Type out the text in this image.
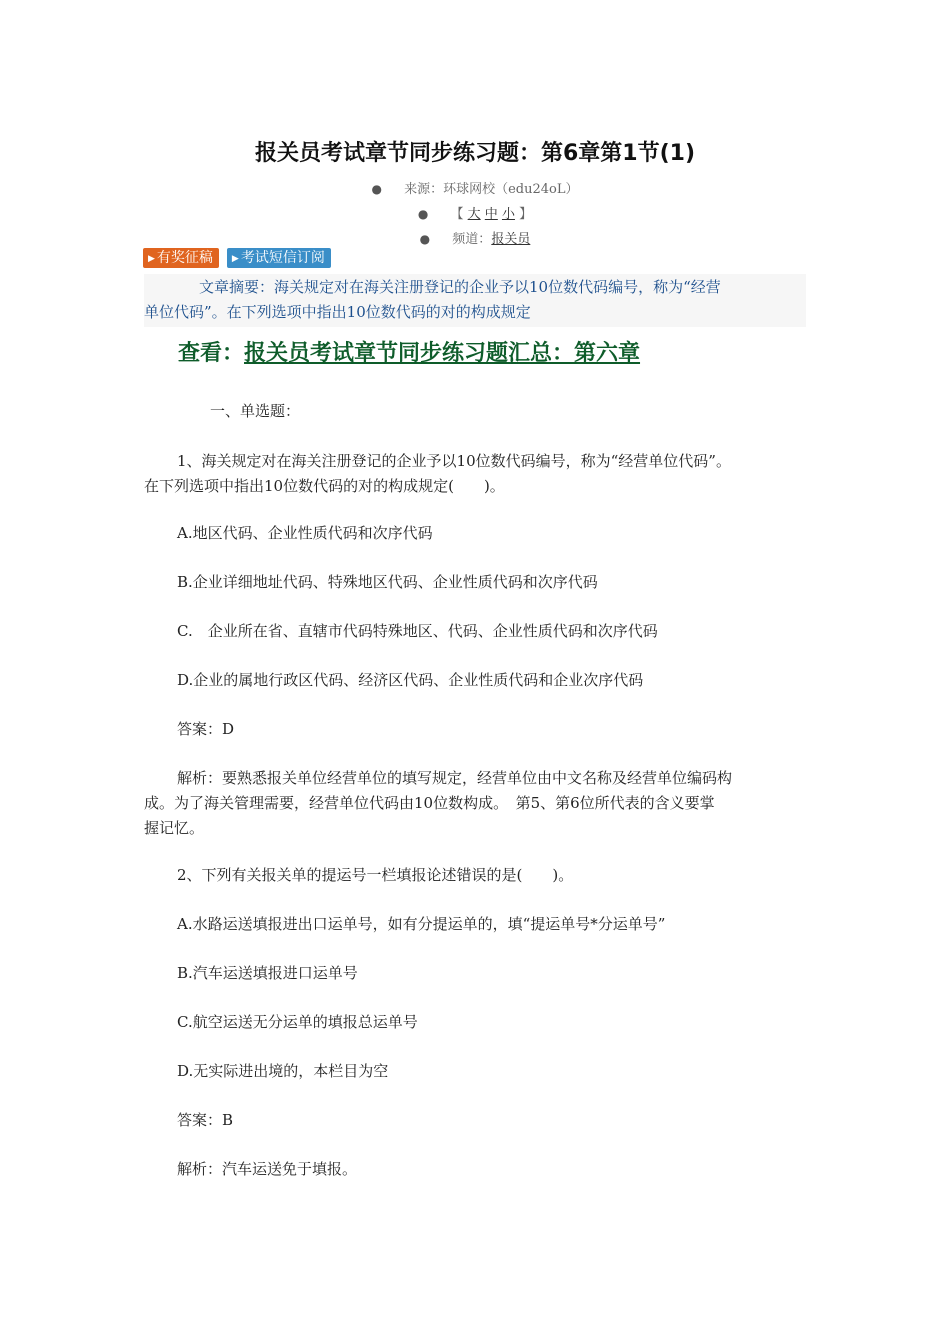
报关员考试章节同步练习题：第6章第1节(1)
● 来源：环球网校（edu24oL）
● 【 大 中 小 】
● 频道：报关员
▶ 有奖征稿	▶ 考试短信订阅
文章摘要：海关规定对在海关注册登记的企业予以10位数代码编号，称为“经营
单位代码”。在下列选项中指出10位数代码的对的构成规定
查看：报关员考试章节同步练习题汇总：第六章
一、单选题：
1、海关规定对在海关注册登记的企业予以10位数代码编号，称为“经营单位代码”。
在下列选项中指出10位数代码的对的构成规定(　　)。
A.地区代码、企业性质代码和次序代码
B.企业详细地址代码、特殊地区代码、企业性质代码和次序代码
C.　企业所在省、直辖市代码特殊地区、代码、企业性质代码和次序代码
D.企业的属地行政区代码、经济区代码、企业性质代码和企业次序代码
答案：D
解析：要熟悉报关单位经营单位的填写规定，经营单位由中文名称及经营单位编码构
成。为了海关管理需要，经营单位代码由10位数构成。　第5、第6位所代表的含义要掌
握记忆。
2、下列有关报关单的提运号一栏填报论述错误的是(　　)。
A.水路运送填报进出口运单号，如有分提运单的，填“提运单号*分运单号”
B.汽车运送填报进口运单号
C.航空运送无分运单的填报总运单号
D.无实际进出境的，本栏目为空
答案：B
解析：汽车运送免于填报。
